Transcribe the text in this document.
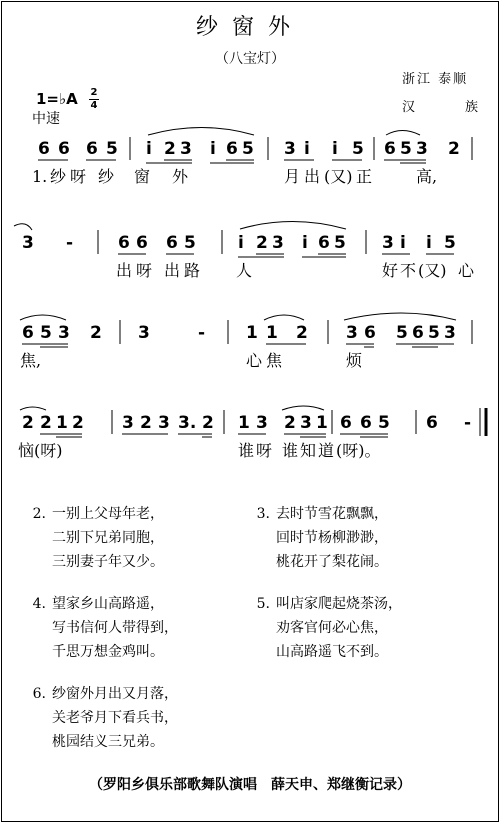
纱窗外
（八宝灯）
1=♭A $\frac{2}{4}$
中速
浙江 泰顺
汉	族
6 6 6 5 i 2 3 i 6 5 3 i i 5 6 5 3 2
1. 纱 呀 纱 窗 外	月 出 (又) 正	高,
3 -	6 6 6 5 i 2 3 i 6 5 3 i i 5
出 呀 出 路 人	好 不 (又) 心
6 5 3 2 3	- 1 1 2 3 6 5 6 5 3
焦,	心 焦	烦
2 2 1 2 3 2 3 3. 2 1 3 2 3 1 6 6 5 6 -
恼(呀)	谁 呀 谁 知 道 (呀)。
2. 一别上父母年老，
二别下兄弟同胞，
三别妻子年又少。
3. 去时节雪花飘飘，
回时节杨柳渺渺，
桃花开了梨花闹。
4. 望家乡山高路遥，
写书信何人带得到，
千思万想金鸡叫。
5. 叫店家爬起烧茶汤，
劝客官何必心焦，
山高路遥飞不到。
6. 纱窗外月出又月落，
关老爷月下看兵书，
桃园结义三兄弟。
（罗阳乡俱乐部歌舞队演唱　薛天申、郑继衡记录）
